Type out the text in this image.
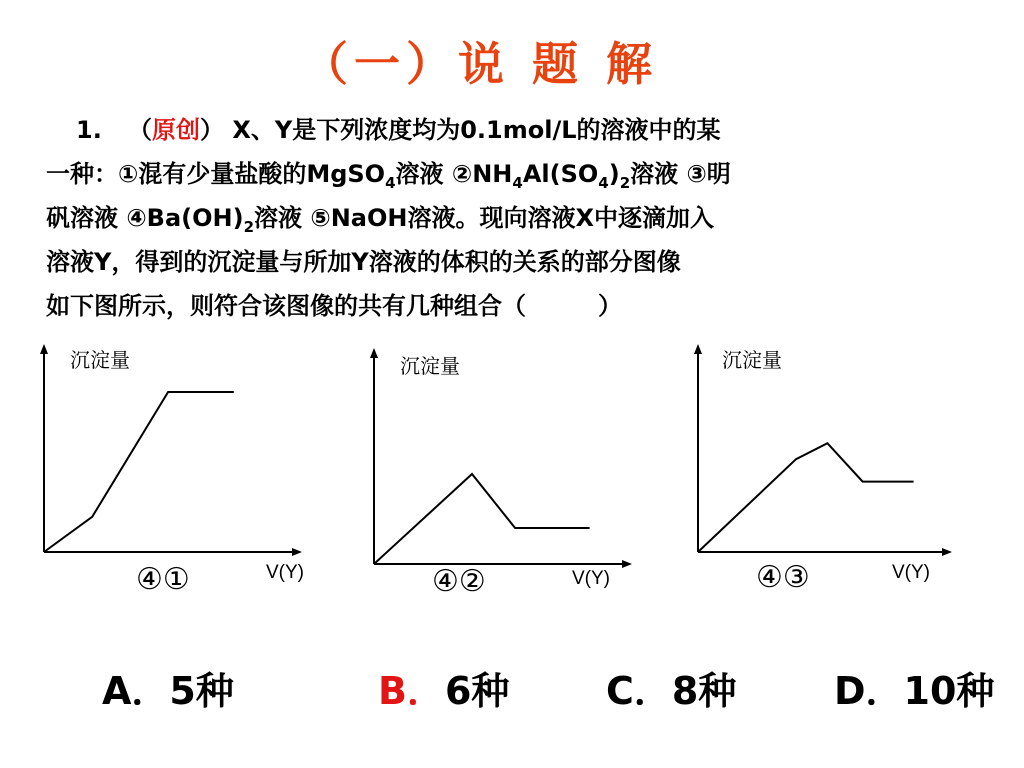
（一）说 题 解
1. （原创） X、Y是下列浓度均为0.1mol/L的溶液中的某
一种：①混有少量盐酸的MgSO$_4$溶液 $②NH_4Al(SO_4)_2$溶液 ③明
矾溶液 $④Ba(OH)_2$溶液 ⑤NaOH溶液。现向溶液X中逐滴加入
溶液Y，得到的沉淀量与所加Y溶液的体积的关系的部分图像
如下图所示，则符合该图像的共有几种组合（　　　）
沉淀量
V(Y)
④①
沉淀量
V(Y)
④②
沉淀量
V(Y)
④③
A．5种	B．6种	C．8种	D．10种
